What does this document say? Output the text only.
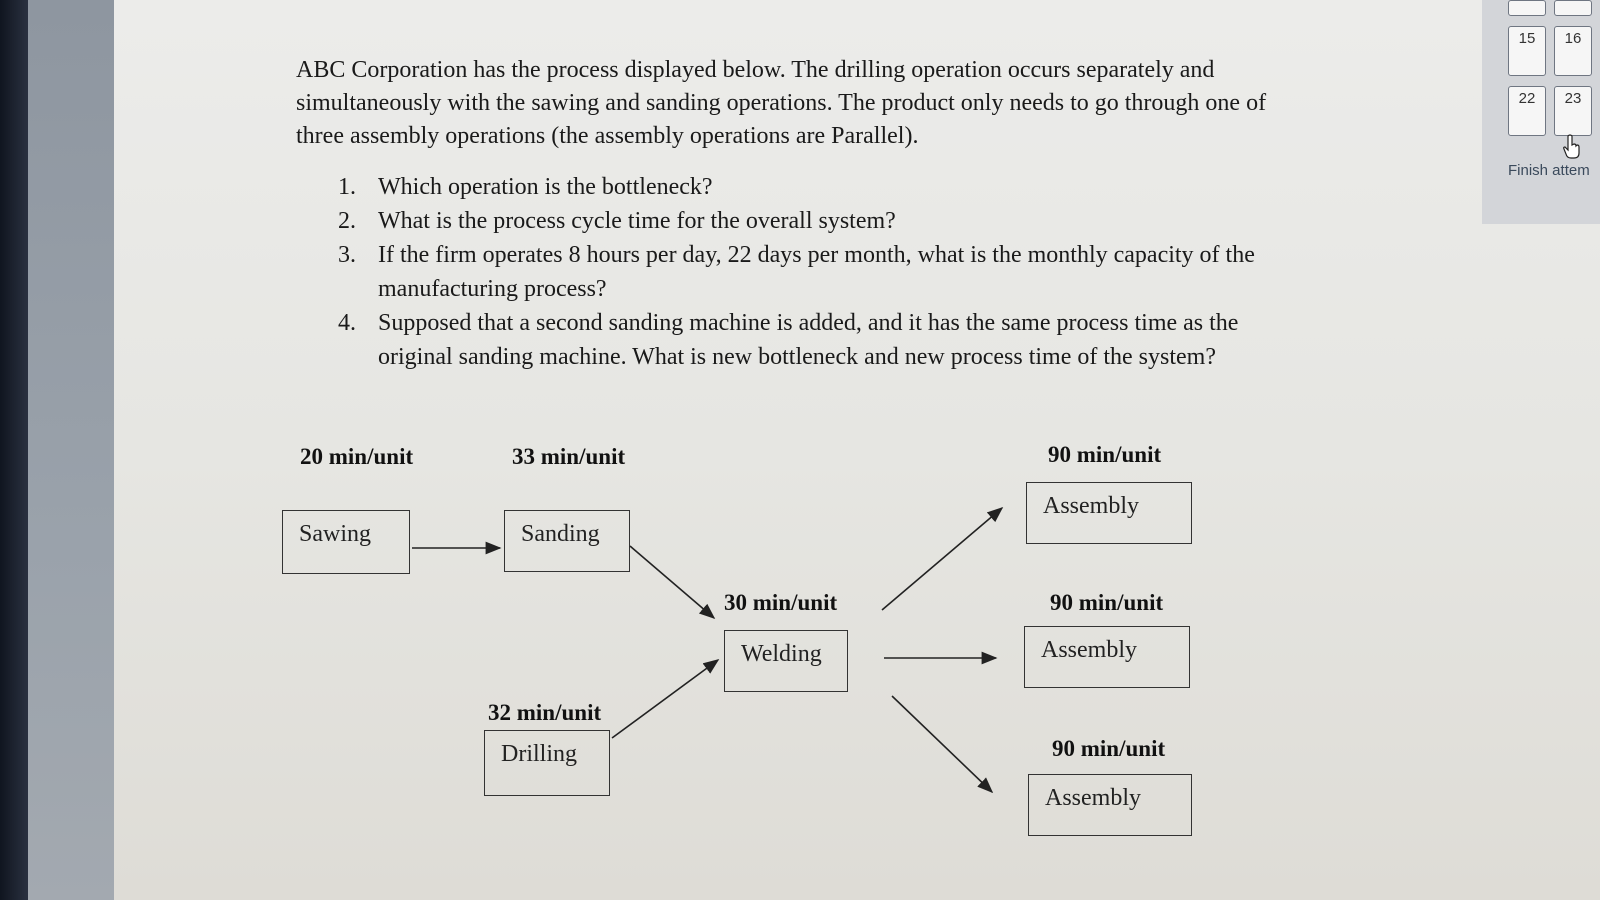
ABC Corporation has the process displayed below. The drilling operation occurs separately and simultaneously with the sawing and sanding operations. The product only needs to go through one of three assembly operations (the assembly operations are Parallel).

1. Which operation is the bottleneck?
2. What is the process cycle time for the overall system?
3. If the firm operates 8 hours per day, 22 days per month, what is the monthly capacity of the manufacturing process?
4. Supposed that a second sanding machine is added, and it has the same process time as the original sanding machine. What is new bottleneck and new process time of the system?
20 min/unit
Sawing
33 min/unit
Sanding
30 min/unit
Welding
32 min/unit
Drilling
90 min/unit
Assembly
90 min/unit
Assembly
90 min/unit
Assembly
15	16
22	23
Finish attem
